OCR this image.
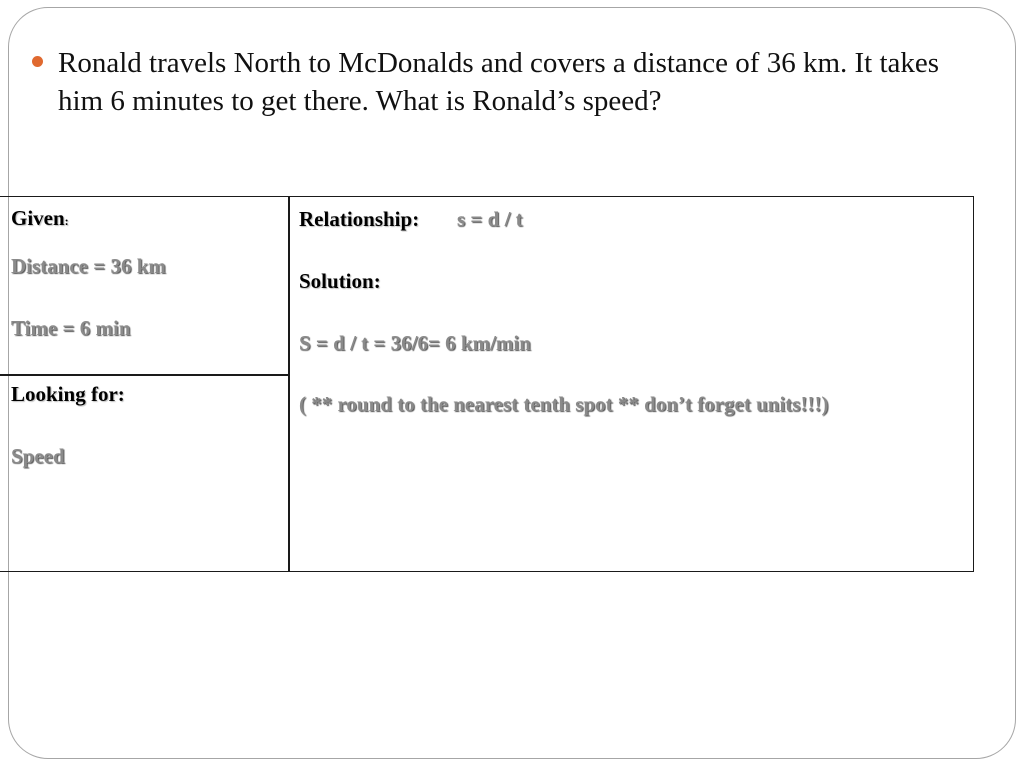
Ronald travels North to McDonalds and covers a distance of 36 km. It takes him 6 minutes to get there. What is Ronald’s speed?

Given:
Distance = 36 km
Time = 6 min
Looking for:
Speed
Relationship: s = d / t
Solution:
S = d / t = 36/6= 6 km/min
( ** round to the nearest tenth spot ** don’t forget units!!!)
